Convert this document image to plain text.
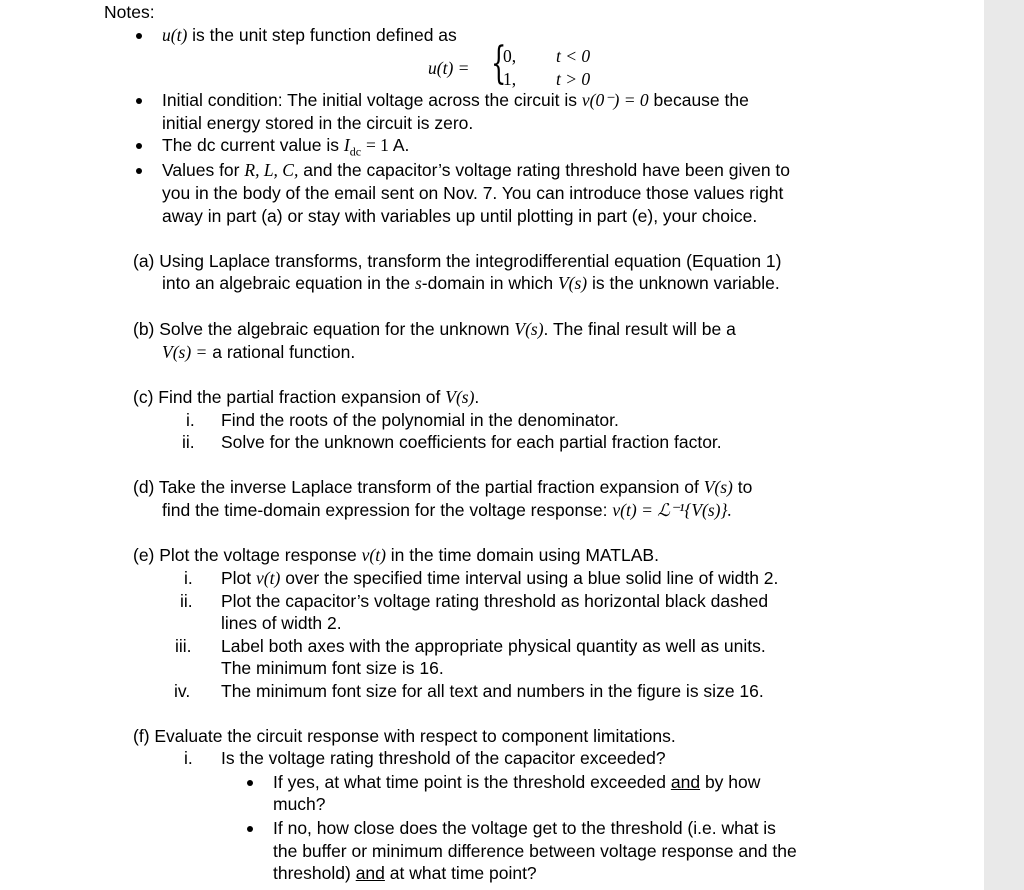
Notes:
u(t) is the unit step function defined as
u(t) = {
0, t < 0
1, t > 0
Initial condition: The initial voltage across the circuit is v(0⁻) = 0 because the
initial energy stored in the circuit is zero.
The dc current value is $I_{dc} = 1$ A.
Values for R, L, C, and the capacitor’s voltage rating threshold have been given to
you in the body of the email sent on Nov. 7. You can introduce those values right
away in part (a) or stay with variables up until plotting in part (e), your choice.
(a) Using Laplace transforms, transform the integrodifferential equation (Equation 1)
into an algebraic equation in the s-domain in which V(s) is the unknown variable.
(b) Solve the algebraic equation for the unknown V(s). The final result will be a
V(s) = a rational function.
(c) Find the partial fraction expansion of V(s).
i. Find the roots of the polynomial in the denominator.
ii. Solve for the unknown coefficients for each partial fraction factor.
(d) Take the inverse Laplace transform of the partial fraction expansion of V(s) to
find the time-domain expression for the voltage response: v(t) = ℒ⁻¹{V(s)}.
(e) Plot the voltage response v(t) in the time domain using MATLAB.
i. Plot v(t) over the specified time interval using a blue solid line of width 2.
ii. Plot the capacitor’s voltage rating threshold as horizontal black dashed
lines of width 2.
iii. Label both axes with the appropriate physical quantity as well as units.
The minimum font size is 16.
iv. The minimum font size for all text and numbers in the figure is size 16.
(f) Evaluate the circuit response with respect to component limitations.
i. Is the voltage rating threshold of the capacitor exceeded?
If yes, at what time point is the threshold exceeded and by how
much?
If no, how close does the voltage get to the threshold (i.e. what is
the buffer or minimum difference between voltage response and the
threshold) and at what time point?
